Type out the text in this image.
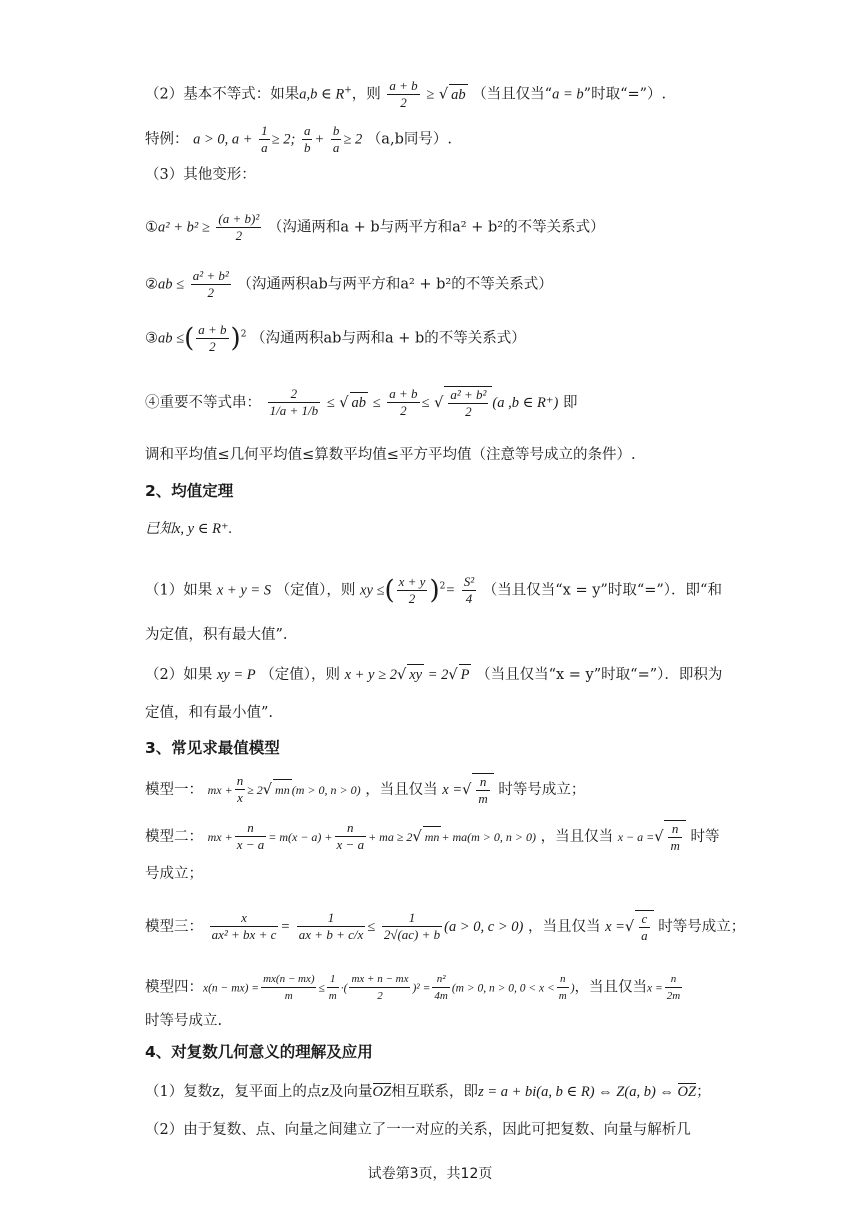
（2）基本不等式：如果a,b ∈ R+，则 $\frac{a + b}{2}$ ≥ √ ab （当且仅当“a = b”时取“=”）.
特例： a > 0, $a + \frac{1}{a} \ge 2$; $\frac{a}{b} + \frac{b}{a} \ge 2$ （a,b同号）.
（3）其他变形：
①a² + $b^2 \ge \frac{\text{(a + b)²}}{2}$ （沟通两和a + b与两平方和a² + b²的不等关系式）
②ab ≤ $\frac{\text{a² + b²}}{2}$ （沟通两积ab与两平方和a² + b²的不等关系式）
③ab ≤( $\frac{a + b}{2} )^2$ （沟通两积ab与两和a + b的不等关系式）
④重要不等式串： $\frac{2}{1/a + 1/b}$ ≤ √ ab ≤ $\frac{a + b}{2}$ ≤ √ $\frac{\text{a² + b²}}{2} (a$ ,b ∈ R⁺) 即
调和平均值≤几何平均值≤算数平均值≤平方平均值（注意等号成立的条件）.
2、均值定理
已知x, y ∈ R⁺.
（1）如果 x + y = S （定值），则 xy ≤( $\frac{x + y}{2} )^2= \frac{\text{S²}}{4}$ （当且仅当“x = y”时取“=”）．即“和
为定值，积有最大值”.
（2）如果 xy = P （定值），则 x + y ≥ 2√ xy = 2√ P （当且仅当“x = y”时取“=”）．即积为
定值，和有最小值”.
3、常见求最值模型
模型一： mx + $\frac{n}{x} \ge 2√$ mn (m > 0, n > 0) ，当且仅当 x =√ $\frac{n}{m}$ 时等号成立；
模型二： mx + $\frac{n}{x - a} = m(x - a) + \frac{n}{x - a}$ + ma ≥ 2√ mn + ma(m > 0, n > 0) ，当且仅当 x − a =√ $\frac{n}{m}$ 时等
号成立；
模型三： $\frac{x}{\text{ax² + bx + c}} = \frac{1}{ax + b + c/x} \le \frac{1}{2√(ac) + b} (a > 0$, c > 0) ，当且仅当 x =√ $\frac{c}{a}$ 时等号成立；
模型四：$x(n - mx) = \frac{mx(n - mx)}{m} \le \frac{1}{m}$ ·( $\frac{mx + n - mx}{2} )^2 = \frac{\text{n²}}{4m} (m > 0$, n > 0, $0 < x < \frac{n}{m}$ )，当且仅当$x = \frac{n}{2m}$
时等号成立.
4、对复数几何意义的理解及应用
（1）复数z，复平面上的点z及向量OZ相互联系，即z = a + bi(a, b ∈ R) ⇔ Z(a, b) ⇔ OZ；
（2）由于复数、点、向量之间建立了一一对应的关系，因此可把复数、向量与解析几
试卷第3页，共12页
